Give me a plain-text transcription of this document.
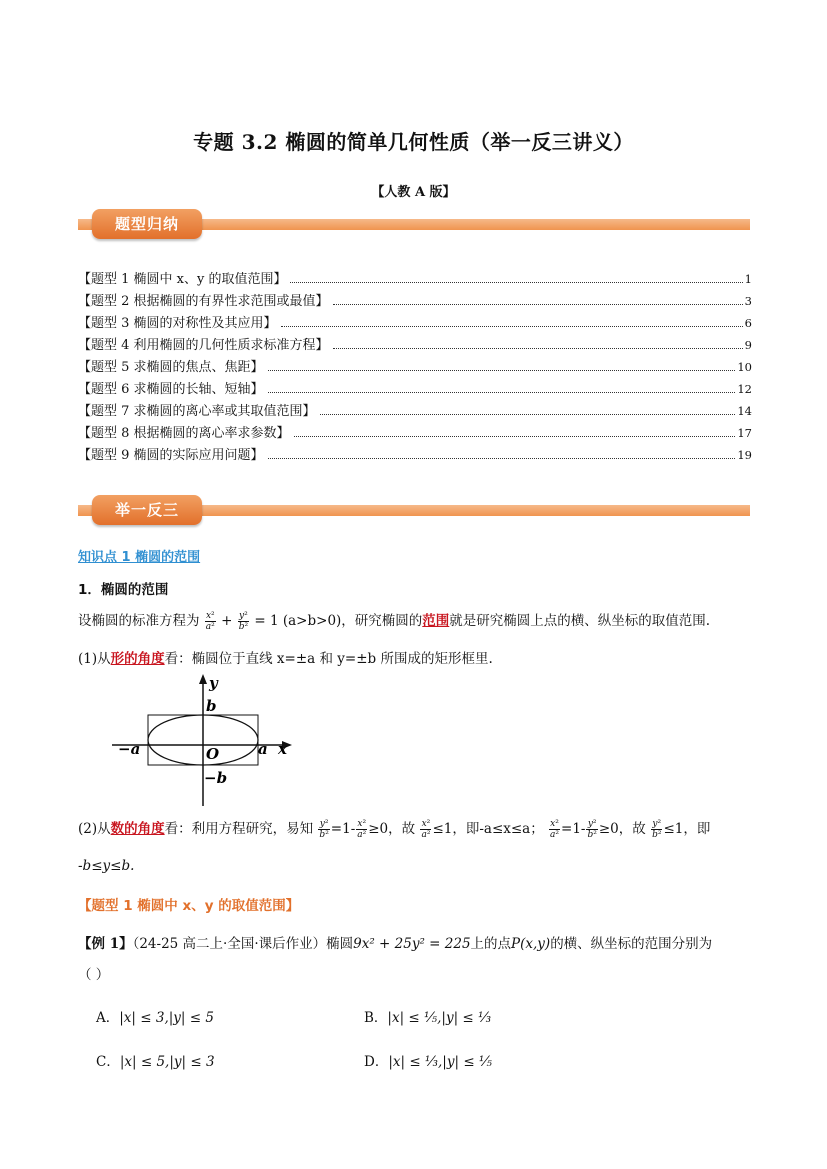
专题 3.2 椭圆的简单几何性质（举一反三讲义）
【人教 A 版】
题型归纳
【题型 1 椭圆中 x、y 的取值范围】	1
【题型 2 根据椭圆的有界性求范围或最值】	3
【题型 3 椭圆的对称性及其应用】	6
【题型 4 利用椭圆的几何性质求标准方程】	9
【题型 5 求椭圆的焦点、焦距】	10
【题型 6 求椭圆的长轴、短轴】	12
【题型 7 求椭圆的离心率或其取值范围】	14
【题型 8 根据椭圆的离心率求参数】	17
【题型 9 椭圆的实际应用问题】	19
举一反三
知识点 1 椭圆的范围
1．椭圆的范围
设椭圆的标准方程为 $\frac{\text{x²}}{\text{a²}} + \frac{\text{y²}}{\text{b²}} = 1$ (a>b>0)，研究椭圆的范围就是研究椭圆上点的横、纵坐标的取值范围.
(1)从形的角度看：椭圆位于直线 x=±a 和 y=±b 所围成的矩形框里.
y
x
O
b
−b
a
−a
(2)从数的角度看：利用方程研究，易知 $\frac{\text{y²}}{\text{b²}} =1- \frac{\text{x²}}{\text{a²}} \ge 0$，故 $\frac{\text{x²}}{\text{a²}} \le 1$，即-a≤x≤a； $\frac{\text{x²}}{\text{a²}} =1- \frac{\text{y²}}{\text{b²}} \ge 0$，故 $\frac{\text{y²}}{\text{b²}} \le 1$，即
-b≤y≤b.
【题型 1 椭圆中 x、y 的取值范围】
【例 1】（24-25 高二上·全国·课后作业）椭圆9x² + 25y² = 225上的点P(x,y)的横、纵坐标的范围分别为
（ ）
A．|x| ≤ 3,|y| ≤ 5	B．|x| ≤ ⅕,|y| ≤ ⅓
C．|x| ≤ 5,|y| ≤ 3	D．|x| ≤ ⅓,|y| ≤ ⅕
